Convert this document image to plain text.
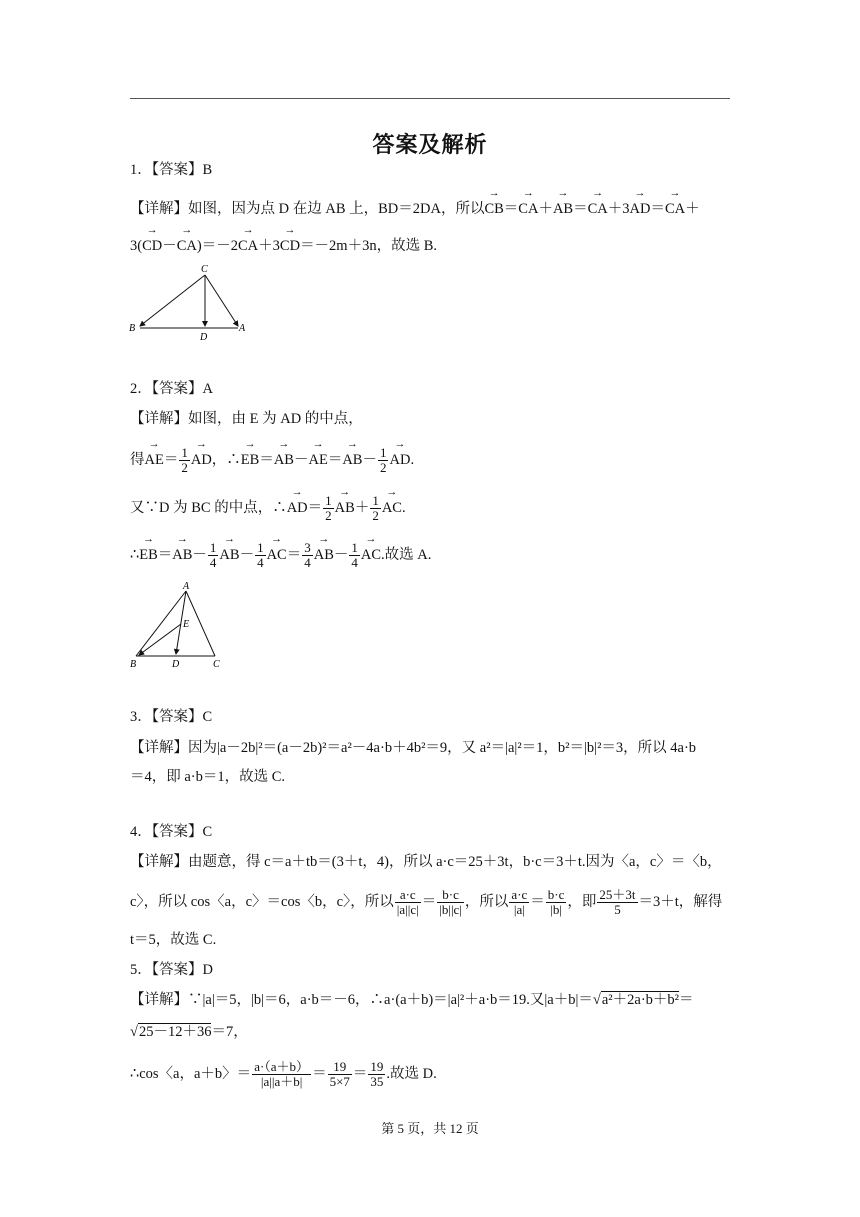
答案及解析
1．【答案】B
【详解】如图，因为点 D 在边 AB 上，BD＝2DA，所以→ CB＝→ CA＋→ AB＝→ CA＋3→ AD＝→ CA＋
3(→ CD－→ CA)＝－2→ CA＋3→ CD＝－2m＋3n，故选 B.
C
B
D
A
2．【答案】A
【详解】如图，由 E 为 AD 的中点，
得→ $AE= \frac{1}{2}$
→ AD，∴→ $EB=\to AB-\to AE=\to AB- \frac{1}{2}$
→ AD.
又∵D 为 BC 的中点，∴→ $AD= \frac{1}{2}$
→ $AB+ \frac{1}{2}$
→ AC.
∴→ $EB=\to AB- \frac{1}{4}$
→ $AB- \frac{1}{4}$
→ $AC= \frac{3}{4}$
→ $AB- \frac{1}{4}$
→ AC.故选 A.
A
E
B	D	C
3．【答案】C
【详解】因为|a－2b|²＝(a－2b)²＝a²－4a·b＋4b²＝9，又 a²＝|a|²＝1，b²＝|b|²＝3，所以 4a·b
＝4，即 a·b＝1，故选 C.
4．【答案】C
【详解】由题意，得 c＝a＋tb＝(3＋t，4)，所以 a·c＝25＋3t，b·c＝3＋t.因为〈a，c〉＝〈b，
c〉，所以 cos〈a，c〉＝cos〈b，c〉，所以 $\frac{a\cdot c}{|a||c|} = \frac{b\cdot c}{|b||c|}$ ，所以 $\frac{a\cdot c}{|a|} = \frac{b\cdot c}{|b|}$ ，即 $\frac{25+3t}{5} =3+t$，解得
t＝5，故选 C.
5．【答案】D
【详解】∵|a|＝5，|b|＝6，a·b＝－6，∴a·(a＋b)＝|a|²＋a·b＝19.又|a＋b|＝√a²＋2a·b＋b²＝
√25－12＋36＝7，
∴cos〈a，a＋b〉＝ $\frac{a\cdot(a+b)}{|a||a+b|} = \frac{19}{5\times 7} = \frac{19}{35}$ .故选 D.
第 5 页，共 12 页
